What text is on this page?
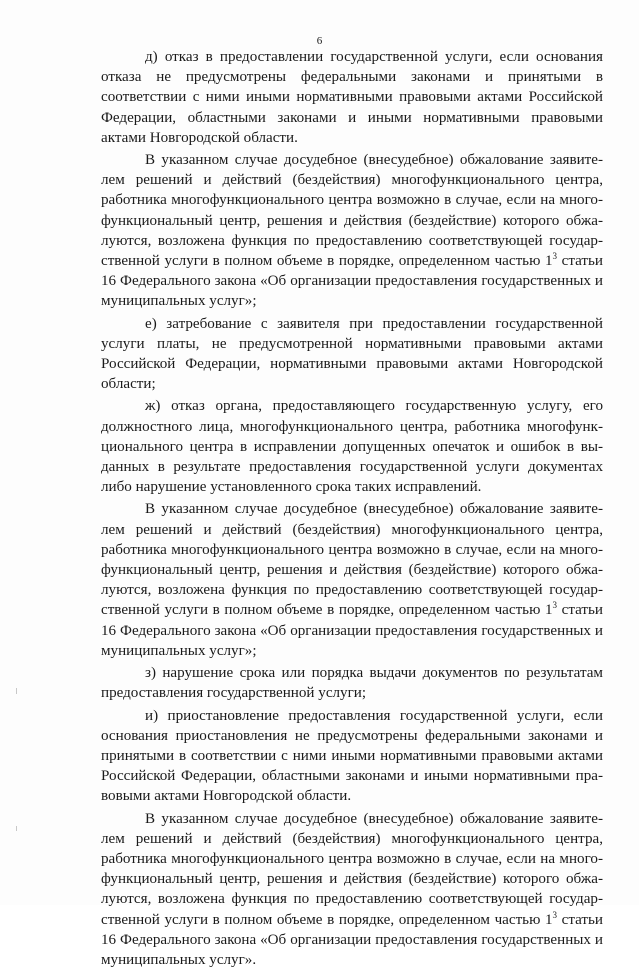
6

д) отказ в предоставлении государственной услуги, если основания отказа не предусмотрены федеральными законами и принятыми в соответствии с ними иными нормативными правовыми актами Российской Федерации, областными законами и иными нормативными правовыми актами Новгородской области.

В указанном случае досудебное (внесудебное) обжалование заявителем решений и действий (бездействия) многофункционального центра, работника многофункционального центра возможно в случае, если на многофункциональный центр, решения и действия (бездействие) которого обжалуются, возложена функция по предоставлению соответствующей государственной услуги в полном объеме в порядке, определенном частью $1^3$ статьи 16 Федерального закона «Об организации предоставления государственных и муниципальных услуг»;

е) затребование с заявителя при предоставлении государственной услуги платы, не предусмотренной нормативными правовыми актами Российской Федерации, нормативными правовыми актами Новгородской области;

ж) отказ органа, предоставляющего государственную услугу, его должностного лица, многофункционального центра, работника многофункционального центра в исправлении допущенных опечаток и ошибок в выданных в результате предоставления государственной услуги документах либо нарушение установленного срока таких исправлений.

В указанном случае досудебное (внесудебное) обжалование заявителем решений и действий (бездействия) многофункционального центра, работника многофункционального центра возможно в случае, если на многофункциональный центр, решения и действия (бездействие) которого обжалуются, возложена функция по предоставлению соответствующей государственной услуги в полном объеме в порядке, определенном частью $1^3$ статьи 16 Федерального закона «Об организации предоставления государственных и муниципальных услуг»;

з) нарушение срока или порядка выдачи документов по результатам предоставления государственной услуги;

и) приостановление предоставления государственной услуги, если основания приостановления не предусмотрены федеральными законами и принятыми в соответствии с ними иными нормативными правовыми актами Российской Федерации, областными законами и иными нормативными правовыми актами Новгородской области.

В указанном случае досудебное (внесудебное) обжалование заявителем решений и действий (бездействия) многофункционального центра, работника многофункционального центра возможно в случае, если на многофункциональный центр, решения и действия (бездействие) которого обжалуются, возложена функция по предоставлению соответствующей государственной услуги в полном объеме в порядке, определенном частью $1^3$ статьи 16 Федерального закона «Об организации предоставления государственных и муниципальных услуг».
